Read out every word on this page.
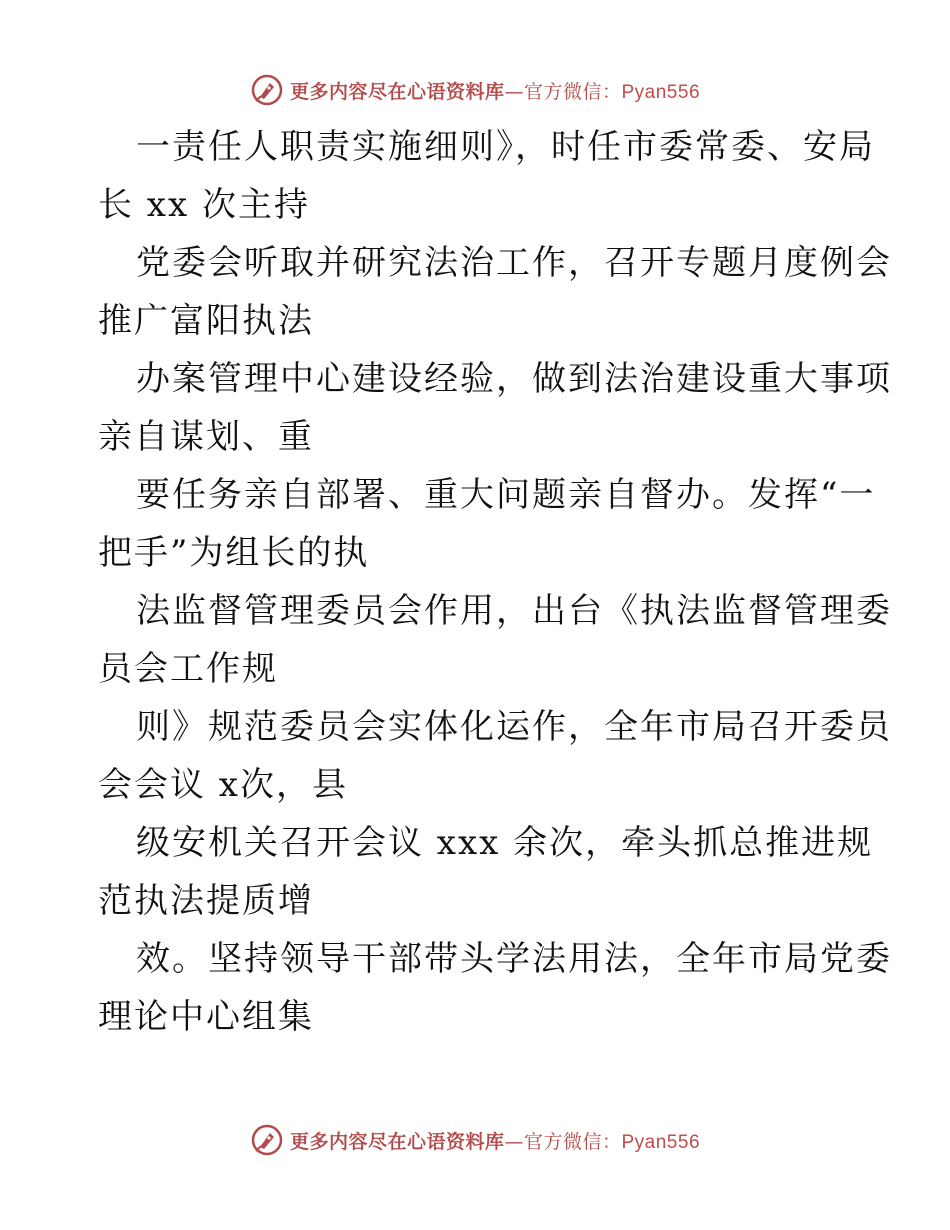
更多内容尽在心语资料库—官方微信：Pyan556
一责任人职责实施细则》，时任市委常委、安局
长 xx 次主持
党委会听取并研究法治工作，召开专题月度例会
推广富阳执法
办案管理中心建设经验，做到法治建设重大事项
亲自谋划、重
要任务亲自部署、重大问题亲自督办。发挥“一
把手”为组长的执
法监督管理委员会作用，出台《执法监督管理委
员会工作规
则》规范委员会实体化运作，全年市局召开委员
会会议 x次，县
级安机关召开会议 xxx 余次，牵头抓总推进规
范执法提质增
效。坚持领导干部带头学法用法，全年市局党委
理论中心组集
更多内容尽在心语资料库—官方微信：Pyan556
